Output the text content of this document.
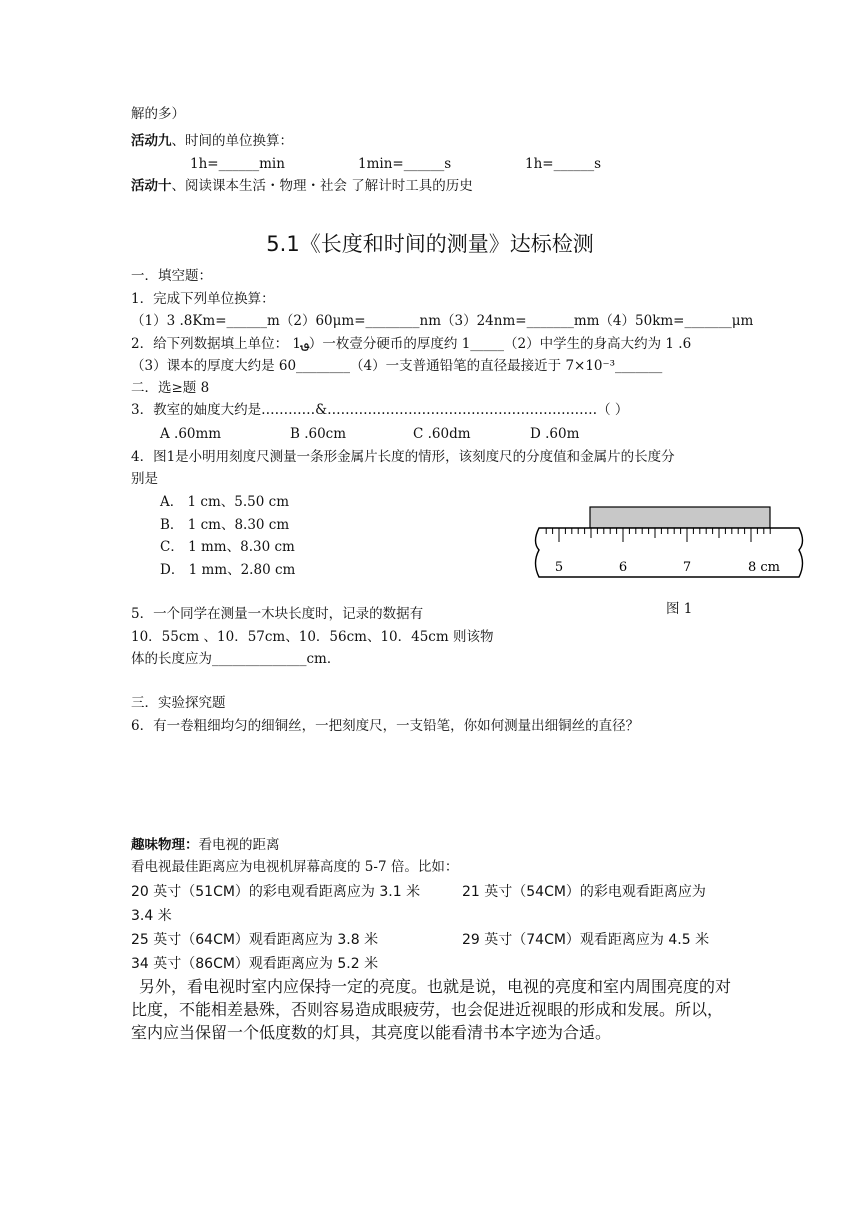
解的多）
活动九、时间的单位换算：
1h=______min	1min=______s	1h=______s
活动十、阅读课本生活・物理・社会 了解计时工具的历史
5.1《长度和时间的测量》达标检测
一．填空题：
1．完成下列单位换算：
（1）3 .8Km=______m（2）60μm=________nm（3）24nm=_______mm（4）50km=_______μm
2．给下列数据填上单位： ؈1）一枚壹分硬币的厚度约 1_____（2）中学生的身高大约为 1 .6
（3）课本的厚度大约是 60________（4）一支普通铅笔的直径最接近于 7×10⁻³_______
二．选≥题 8
3．教室的妯度大约是…………&……………………………………………………（ ）
A .60mm	B .60cm	C .60dm	D .60m
4．图1是小明用刻度尺测量一条形金属片长度的情形，该刻度尺的分度值和金属片的长度分
别是
A． 1 cm、5.50 cm
B． 1 cm、8.30 cm
C． 1 mm、8.30 cm
D． 1 mm、2.80 cm	5	6	7	8 cm
图 1
5．一个同学在测量一木块长度时，记录的数据有
10．55cm 、10．57cm、10．56cm、10．45cm 则该物
体的长度应为______________cm．
三．实验探究题
6．有一卷粗细均匀的细铜丝，一把刻度尺，一支铅笔，你如何测量出细铜丝的直径？
趣味物理：看电视的距离
看电视最佳距离应为电视机屏幕高度的 5-7 倍。比如：
20 英寸（51CM）的彩电观看距离应为 3.1 米	21 英寸（54CM）的彩电观看距离应为
3.4 米
25 英寸（64CM）观看距离应为 3.8 米	29 英寸（74CM）观看距离应为 4.5 米
34 英寸（86CM）观看距离应为 5.2 米
另外，看电视时室内应保持一定的亮度。也就是说，电视的亮度和室内周围亮度的对比度，不能相差悬殊，否则容易造成眼疲劳，也会促进近视眼的形成和发展。所以，室内应当保留一个低度数的灯具，其亮度以能看清书本字迹为合适。
